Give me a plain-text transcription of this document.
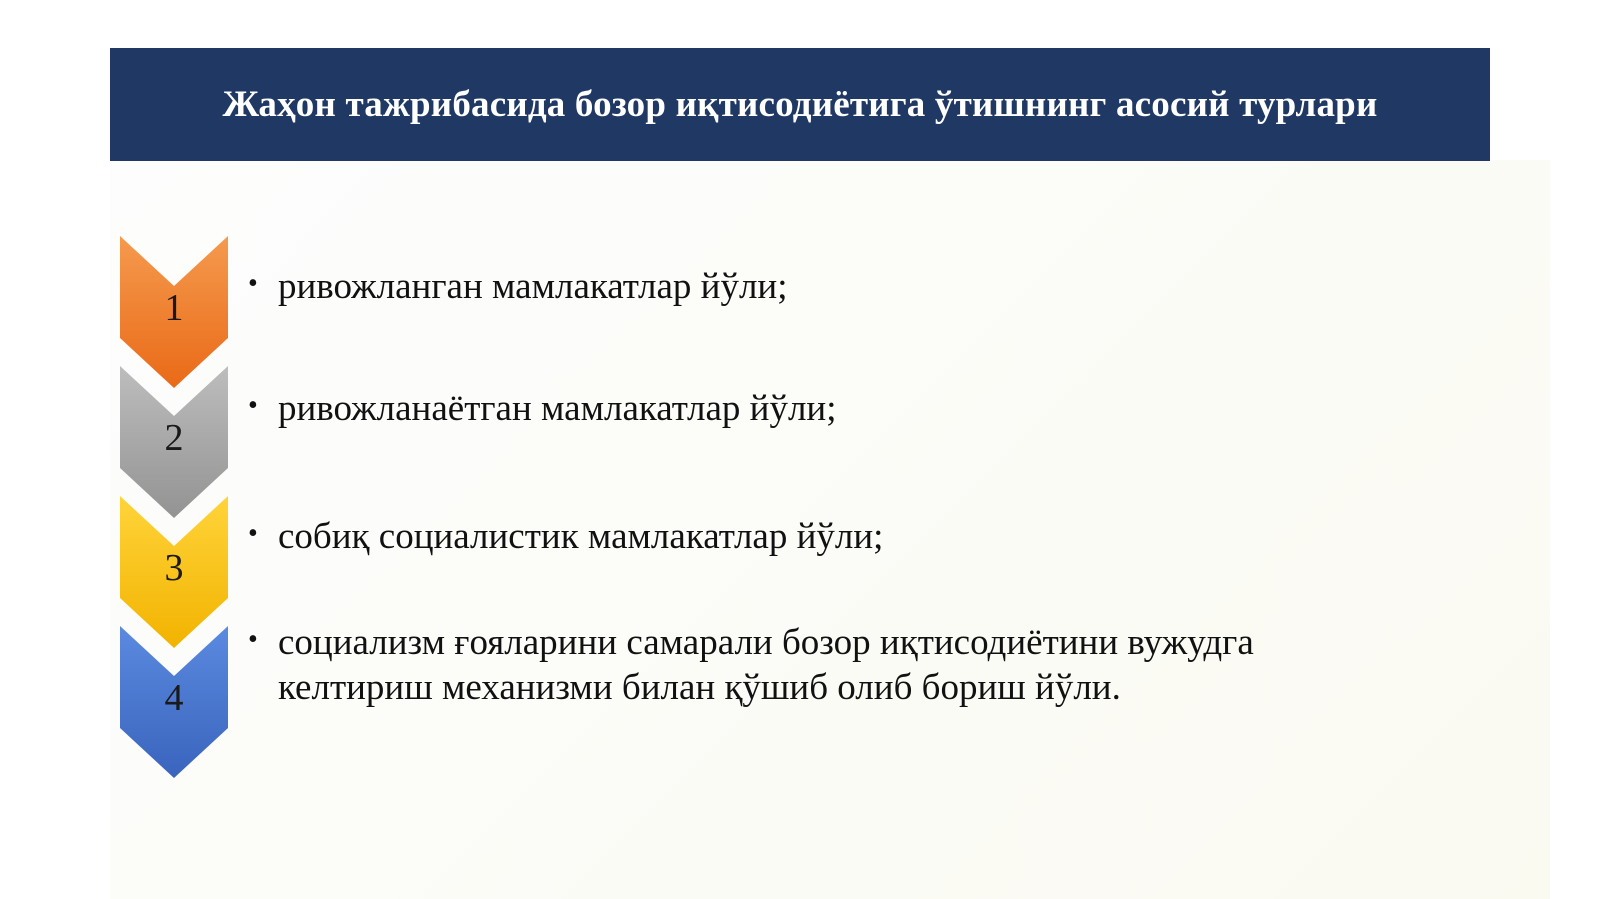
Жаҳон тажрибасида бозор иқтисодиётига ўтишнинг асосий турлари
1
2
3
4
• ривожланган мамлакатлар йўли;
• ривожланаётган мамлакатлар йўли;
• собиқ социалистик мамлакатлар йўли;
• социализм ғояларини самарали бозор иқтисодиётини вужудга келтириш механизми билан қўшиб олиб бориш йўли.
